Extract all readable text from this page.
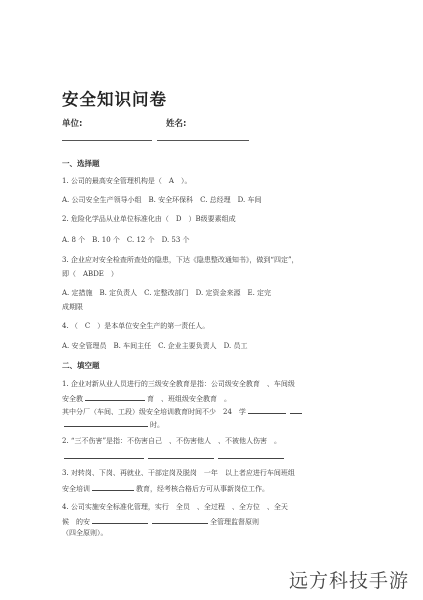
安全知识问卷
单位:	姓名:
一、选择题
1. 公司的最高安全管理机构是（　A　）。
A. 公司安全生产领导小组　B. 安全环保科　C. 总经理　D. 车间
2. 危险化学品从业单位标准化由（　D　）B级要素组成
A. 8 个　B. 10 个　C. 12 个　D. 53 个
3. 企业应对安全检查所查处的隐患，下达《隐患整改通知书》，做到“四定”，
即（　ABDE　）
A. 定措施　B. 定负责人　C. 定整改部门　D. 定资金来源　E. 定完
成期限
4. （　C　）是本单位安全生产的第一责任人。
A. 安全管理员　B. 车间主任　C. 企业主要负责人　D. 员工
二、填空题
1. 企业对新从业人员进行的三级安全教育是指：公司级安全教育　、车间级
安全教	育　、班组级安全教育　。
其中分厂（车间、工段）级安全培训教育时间不少　24　学
时。
2. “三不伤害”是指：不伤害自己　、不伤害他人　、不被他人伤害　。
3. 对转岗、下岗、再就业、干部定岗及脱岗　一年　以上者应进行车间班组
安全培训	教育，经考核合格后方可从事新岗位工作。
4. 公司实施安全标准化管理，实行　全员　、全过程　、全方位　、全天
候　的安	全管理监督原则
（四全原则）。
远方科技手游
